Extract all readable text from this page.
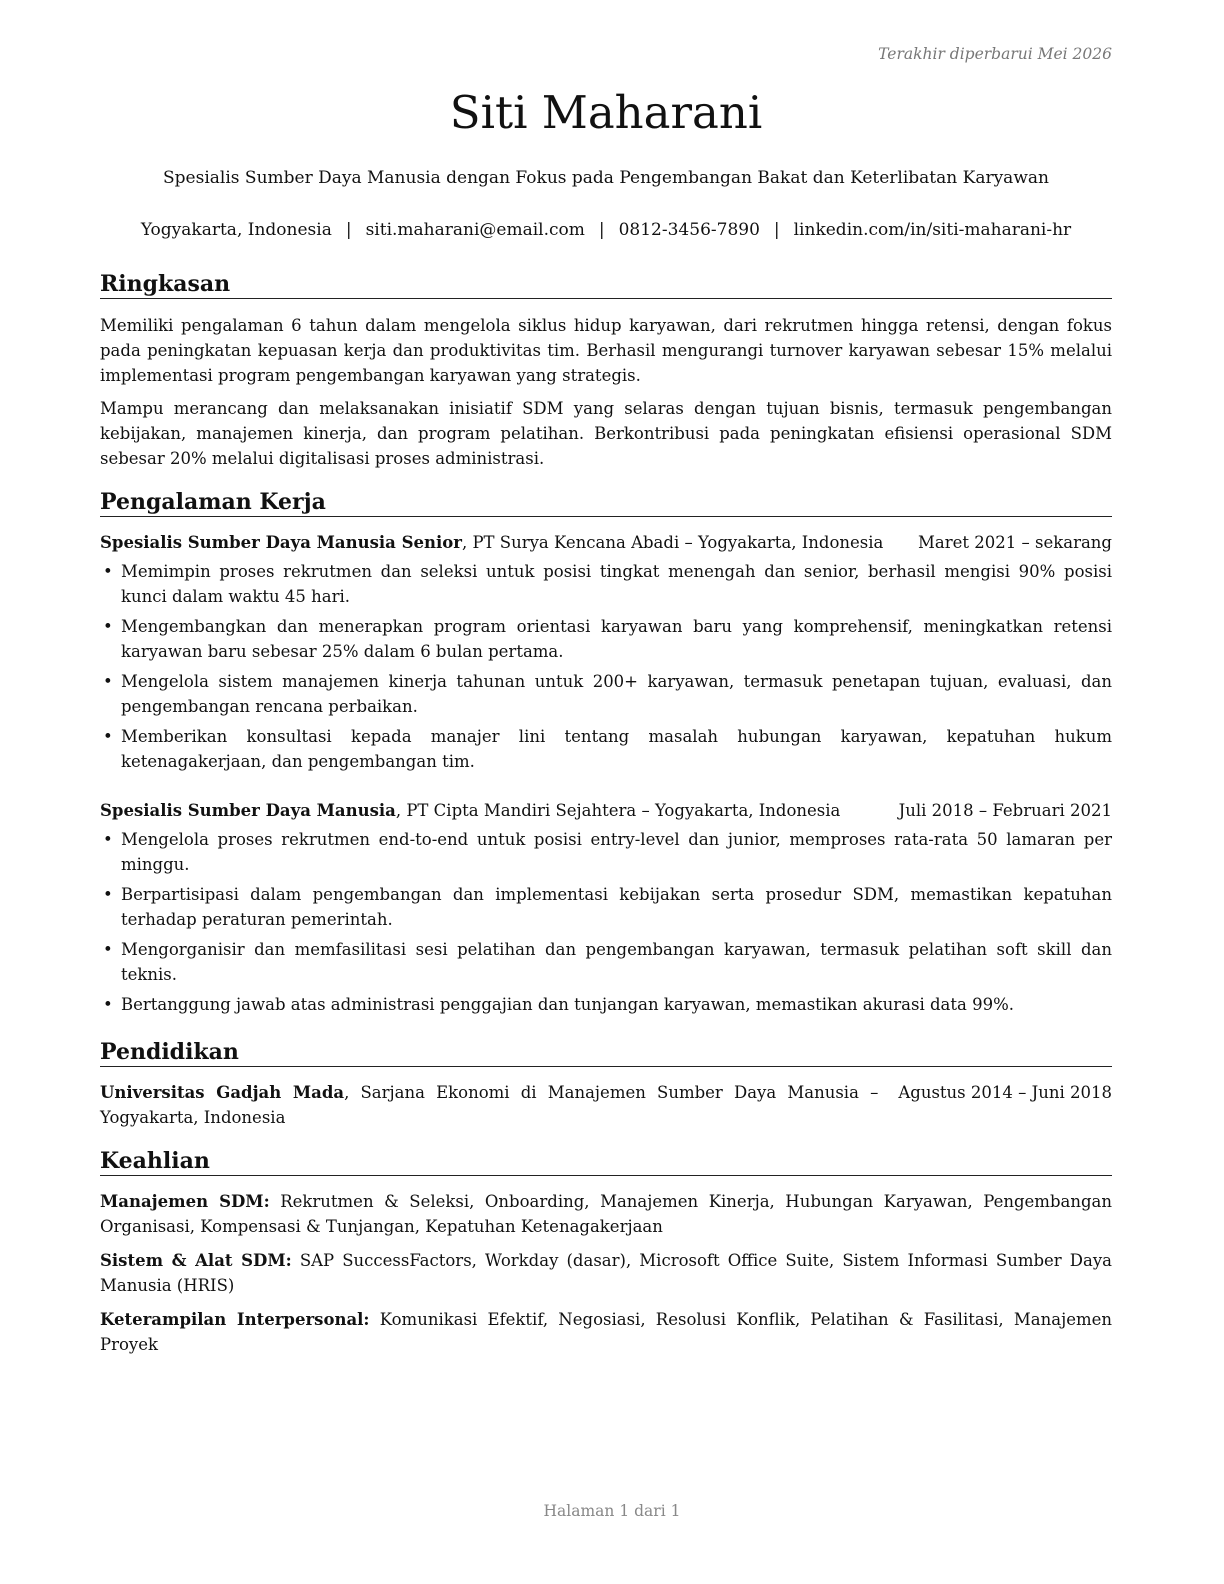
Terakhir diperbarui Mei 2026
Siti Maharani
Spesialis Sumber Daya Manusia dengan Fokus pada Pengembangan Bakat dan Keterlibatan Karyawan
Yogyakarta, Indonesia | siti.maharani@email.com | 0812-3456-7890 | linkedin.com/in/siti-maharani-hr
Ringkasan

Memiliki pengalaman 6 tahun dalam mengelola siklus hidup karyawan, dari rekrutmen hingga retensi, dengan fokus pada peningkatan kepuasan kerja dan produktivitas tim. Berhasil mengurangi turnover karyawan sebesar 15% melalui implementasi program pengembangan karyawan yang strategis.

Mampu merancang dan melaksanakan inisiatif SDM yang selaras dengan tujuan bisnis, termasuk pengembangan kebijakan, manajemen kinerja, dan program pelatihan. Berkontribusi pada peningkatan efisiensi operasional SDM sebesar 20% melalui digitalisasi proses administrasi.

Pengalaman Kerja
Spesialis Sumber Daya Manusia Senior, PT Surya Kencana Abadi – Yogyakarta, Indonesia Maret 2021 – sekarang
• Memimpin proses rekrutmen dan seleksi untuk posisi tingkat menengah dan senior, berhasil mengisi 90% posisi kunci dalam waktu 45 hari.
• Mengembangkan dan menerapkan program orientasi karyawan baru yang komprehensif, meningkatkan retensi karyawan baru sebesar 25% dalam 6 bulan pertama.
• Mengelola sistem manajemen kinerja tahunan untuk 200+ karyawan, termasuk penetapan tujuan, evaluasi, dan pengembangan rencana perbaikan.
• Memberikan konsultasi kepada manajer lini tentang masalah hubungan karyawan, kepatuhan hukum ketenagakerjaan, dan pengembangan tim.
Spesialis Sumber Daya Manusia, PT Cipta Mandiri Sejahtera – Yogyakarta, Indonesia	Juli 2018 – Februari 2021
• Mengelola proses rekrutmen end-to-end untuk posisi entry-level dan junior, memproses rata-rata 50 lamaran per minggu.
• Berpartisipasi dalam pengembangan dan implementasi kebijakan serta prosedur SDM, memastikan kepatuhan terhadap peraturan pemerintah.
• Mengorganisir dan memfasilitasi sesi pelatihan dan pengembangan karyawan, termasuk pelatihan soft skill dan teknis.
• Bertanggung jawab atas administrasi penggajian dan tunjangan karyawan, memastikan akurasi data 99%.
Pendidikan
Universitas Gadjah Mada, Sarjana Ekonomi di Manajemen Sumber Daya Manusia – Yogyakarta, Indonesia
Agustus 2014 – Juni 2018
Keahlian

Manajemen SDM: Rekrutmen & Seleksi, Onboarding, Manajemen Kinerja, Hubungan Karyawan, Pengembangan Organisasi, Kompensasi & Tunjangan, Kepatuhan Ketenagakerjaan

Sistem & Alat SDM: SAP SuccessFactors, Workday (dasar), Microsoft Office Suite, Sistem Informasi Sumber Daya Manusia (HRIS)

Keterampilan Interpersonal: Komunikasi Efektif, Negosiasi, Resolusi Konflik, Pelatihan & Fasilitasi, Manajemen Proyek

Halaman 1 dari 1
